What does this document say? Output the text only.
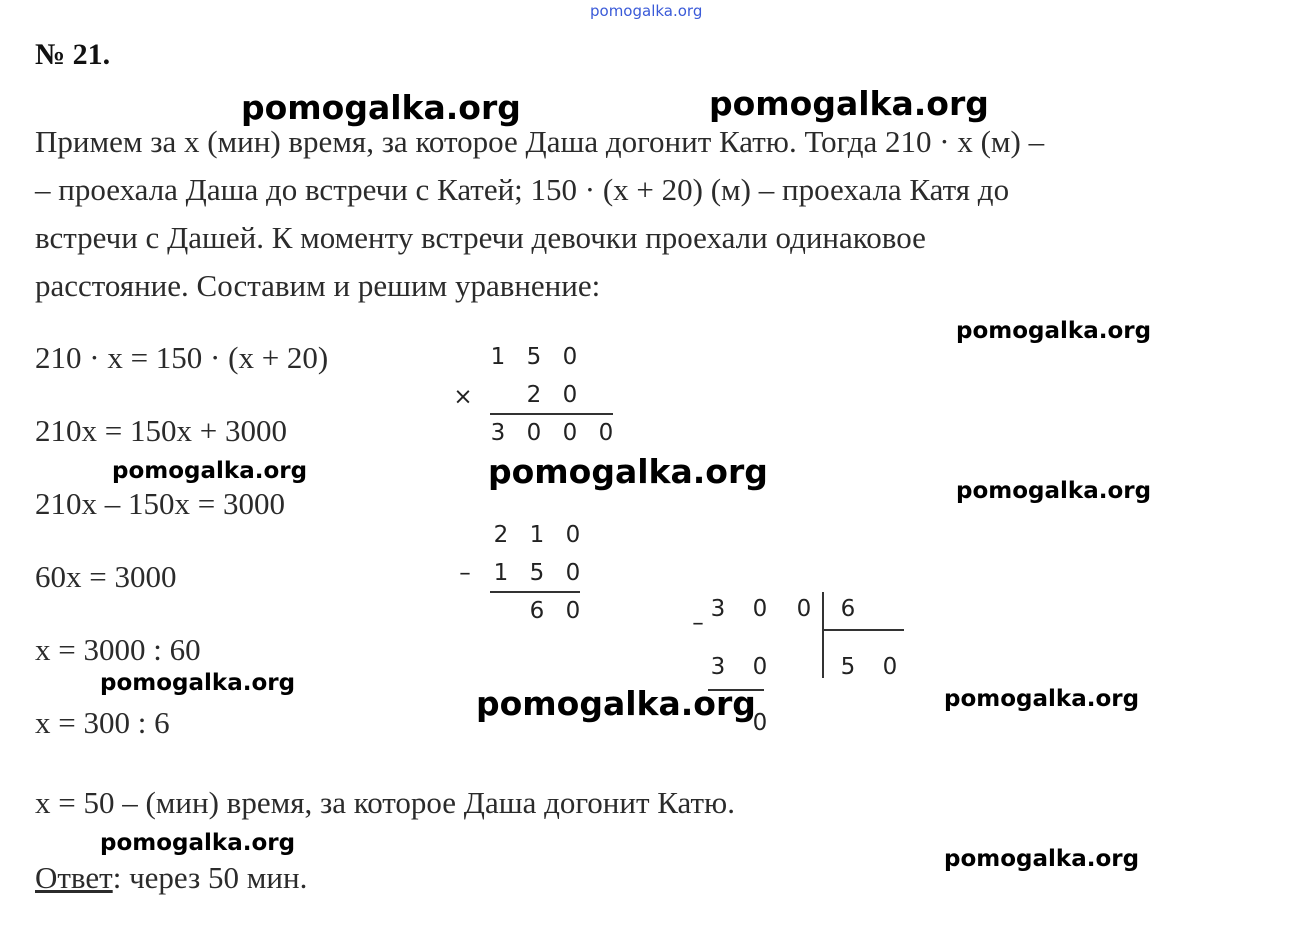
pomogalka.org
№ 21.
Примем за x (мин) время, за которое Даша догонит Катю. Тогда 210 · x (м) –
– проехала Даша до встречи с Катей; 150 · (x + 20) (м) – проехала Катя до
встречи с Дашей. К моменту встречи девочки проехали одинаковое
расстояние. Составим и решим уравнение:
210 · x = 150 · (x + 20)
210x = 150x + 3000
210x – 150x = 3000
60x = 3000
x = 3000 : 60
x = 300 : 6
x = 50 – (мин) время, за которое Даша догонит Катю.
Ответ: через 50 мин.
1 5 0
× 2 0
3 0 0 0
2 1 0
– 1 5 0
6 0	–
3 0 0 6
3 0	5 0
0
pomogalka.org	pomogalka.org
pomogalka.org
pomogalka.org	pomogalka.org	pomogalka.org
pomogalka.org
pomogalka.org	pomogalka.org
pomogalka.org
pomogalka.org
